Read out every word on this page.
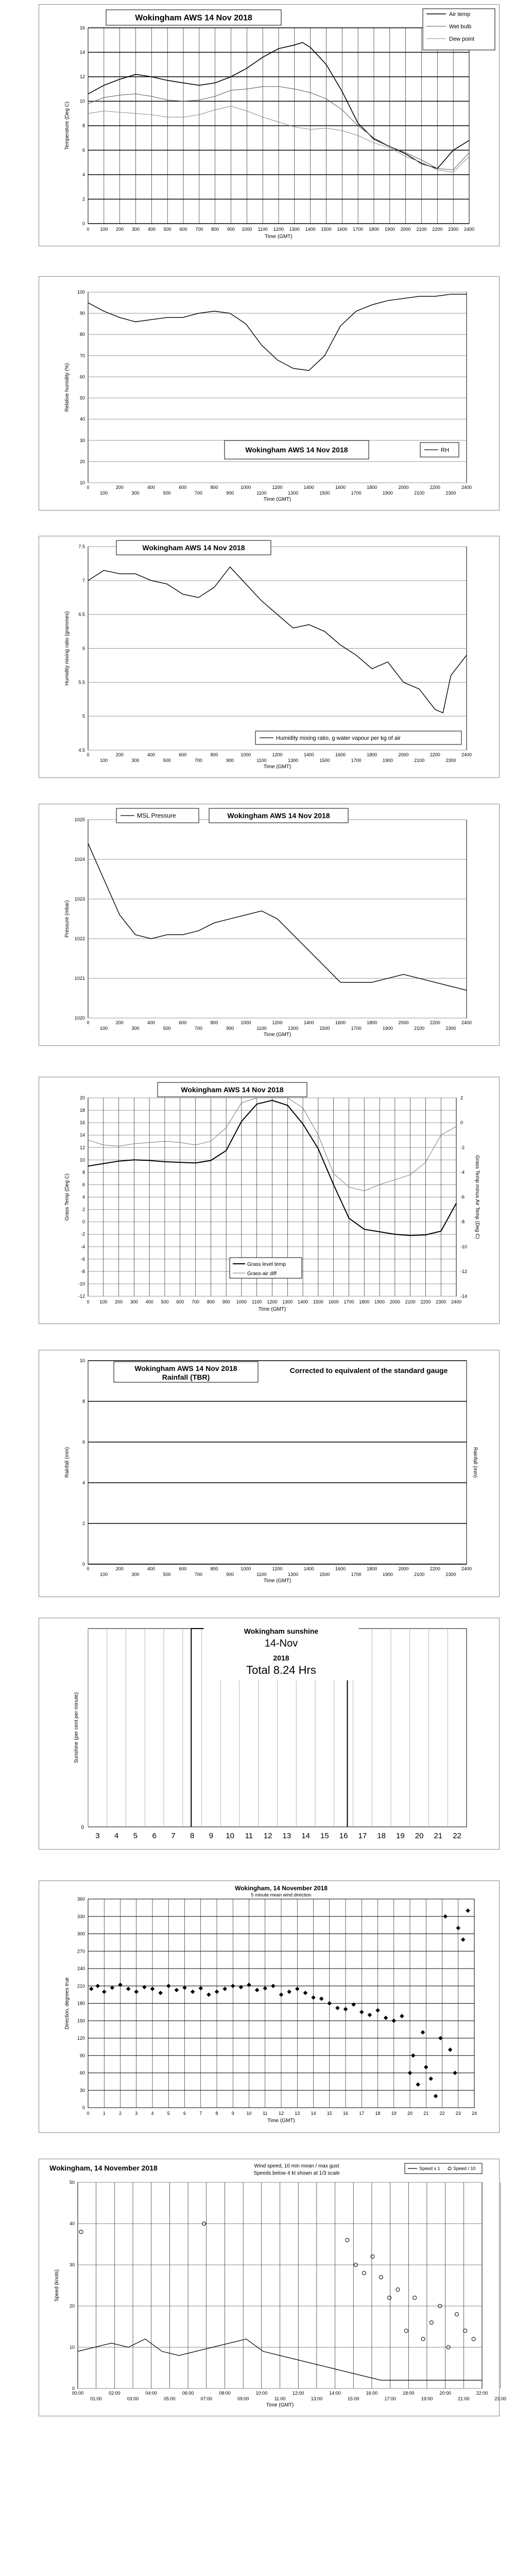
0
2
4
6
8
10
12
14
16
0 100 200 300 400 500 600 700 800 900 1000 1100 1200 1300 1400 1500 1600 1700 1800 1900 2000 2100 2200 2300 2400
Time (GMT)
Temperature (Deg C)
Wokingham AWS 14 Nov 2018	Air temp
Wet bulb
Dew point
10
20
30
40
50
60
70
80
90
100
0	200	400	600	800	1000	1200	1400	1600	1800	2000	2200	2400
100	300	500	700	900	1100	1300	1500	1700	1900	2100	2300
Time (GMT)
Relative humidity (%)
Wokingham AWS 14 Nov 2018	RH
4.5
5
5.5
6
6.5
7
7.5
0	200	400	600	800	1000	1200	1400	1600	1800	2000	2200	2400
100	300	500	700	900	1100	1300	1500	1700	1900	2100	2300
Time (GMT)
Humidity mixing ratio (grammes)
Wokingham AWS 14 Nov 2018
Humidity mixing ratio, g water vapour per kg of air
1020
1021
1022
1023
1024
1025
0	200	400	600	800	1000	1200	1400	1600	1800	2000	2200	2400
100	300	500	700	900	1100	1300	1500	1700	1900	2100	2300
Time (GMT)
Pressure (mbar)
MSL Pressure	Wokingham AWS 14 Nov 2018
-12
-10
-8
-6
-4
-2
0
2
4
6
8
10
12
14
16
18
20
0 100 200 300 400 500 600 700 800 900 1000 1100 1200 1300 1400 1500 1600 1700 1800 1900 2000 2100 2200 2300 2400
Time (GMT)
Grass Temp (Deg C)
-14
-12
-10
-8
-6
-4
-2
0
2
Grass Temp minus Air Temp (Deg C)
Wokingham AWS 14 Nov 2018
Grass level temp
Grass-air diff
0
2
4
6
8
10
0	200	400	600	800	1000	1200	1400	1600	1800	2000	2200	2400
100	300	500	700	900	1100	1300	1500	1700	1900	2100	2300
Time (GMT)
Rainfall (mm)	Rainfall (mm)
Wokingham AWS 14 Nov 2018
Rainfall (TBR)
Corrected to equivalent of the standard gauge
3 4 5 6 7 8 9 10 11 12 13 14 15 16 17 18 19 20 21 22
Wokingham sunshine
14-Nov
2018
Total 8.24 Hrs
Sunshine (per cent per minute)
0
0
30
60
90
120
150
180
210
240
270
300
330
360
0	1	2	3	4	5	6	7	8	9	10 11 12 13 14 15 16 17 18 19 20 21 22 23 24
Time (GMT)
Direction, degrees true
Wokingham, 14 November 2018
5 minute mean wind direction
0
10
20
30
40
50
00:00	02:00	04:00	06:00	08:00	10:00	12:00	14:00	16:00	18:00	20:00	22:00
01:00	03:00	05:00	07:00	09:00	11:00	13:00	15:00	17:00	19:00	21:00	23:00
Time (GMT)
Speed (knots)
Wokingham, 14 November 2018	Wind speed, 10 min mean / max gust
Speeds below 4 kt shown at 1/3 scale
Speed x 1	Speed / 10
